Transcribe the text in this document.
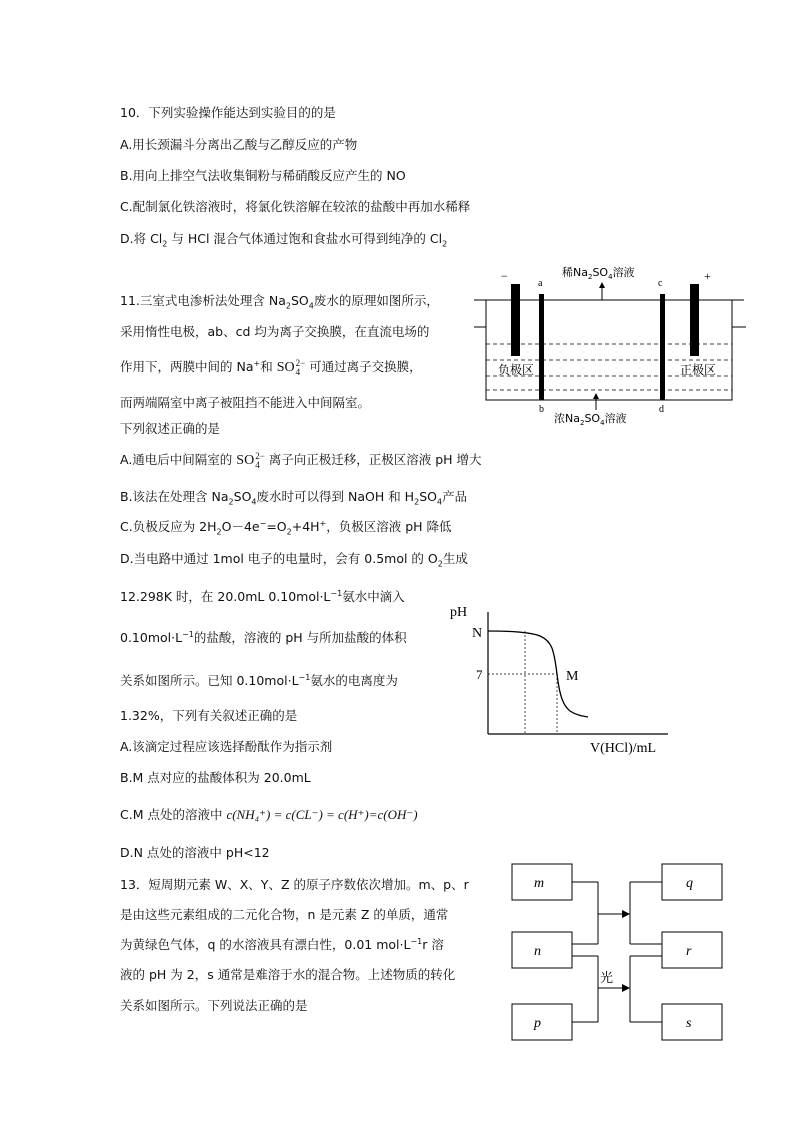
10．下列实验操作能达到实验目的的是
A.用长颈漏斗分离出乙酸与乙醇反应的产物
B.用向上排空气法收集铜粉与稀硝酸反应产生的 NO
C.配制氯化铁溶液时，将氯化铁溶解在较浓的盐酸中再加水稀释
D.将 $Cl_2$ 与 HCl 混合气体通过饱和食盐水可得到纯净的 $Cl_2$
11.三室式电渗析法处理含 $Na_2SO_4$废水的原理如图所示，
采用惰性电极，ab、cd 均为离子交换膜，在直流电场的
作用下，两膜中间的 Na+和 SO 2−
4 可通过离子交换膜，
而两端隔室中离子被阻挡不能进入中间隔室。
下列叙述正确的是
A.通电后中间隔室的 SO 2−
4 离子向正极迁移，正极区溶液 pH 增大
B.该法在处理含 $Na_2SO_4$废水时可以得到 NaOH 和 $H_2SO_4$产品
C.负极反应为 $2H_2O-4e^-=O_2+4H^+$，负极区溶液 pH 降低
D.当电路中通过 1mol 电子的电量时，会有 0.5mol 的 $O_2$生成
−	+
a	c
b	d
负极区	正极区
稀$Na_2SO_4$溶液
浓$Na_2SO_4$溶液
12.298K 时，在 20.0mL $0.10mol\cdot L^{-1}$氨水中滴入
$0.10mol\cdot L^{-1}$的盐酸，溶液的 pH 与所加盐酸的体积
关系如图所示。已知 $0.10mol\cdot L^{-1}$氨水的电离度为
1.32%，下列有关叙述正确的是
A.该滴定过程应该选择酚酞作为指示剂
B.M 点对应的盐酸体积为 20.0mL
C.M 点处的溶液中 c(NH₄⁺) = c(CL⁻) = c(H⁺)=c(OH⁻)
D.N 点处的溶液中 pH<12
pH
N
7	M
V(HCl)/mL
13．短周期元素 W、X、Y、Z 的原子序数依次增加。m、p、r
是由这些元素组成的二元化合物，n 是元素 Z 的单质，通常
为黄绿色气体，q 的水溶液具有漂白性，0.01 $mol\cdot L^{-1}r$ 溶
液的 pH 为 2，s 通常是难溶于水的混合物。上述物质的转化
关系如图所示。下列说法正确的是
m
n
p
q
r
s
光
